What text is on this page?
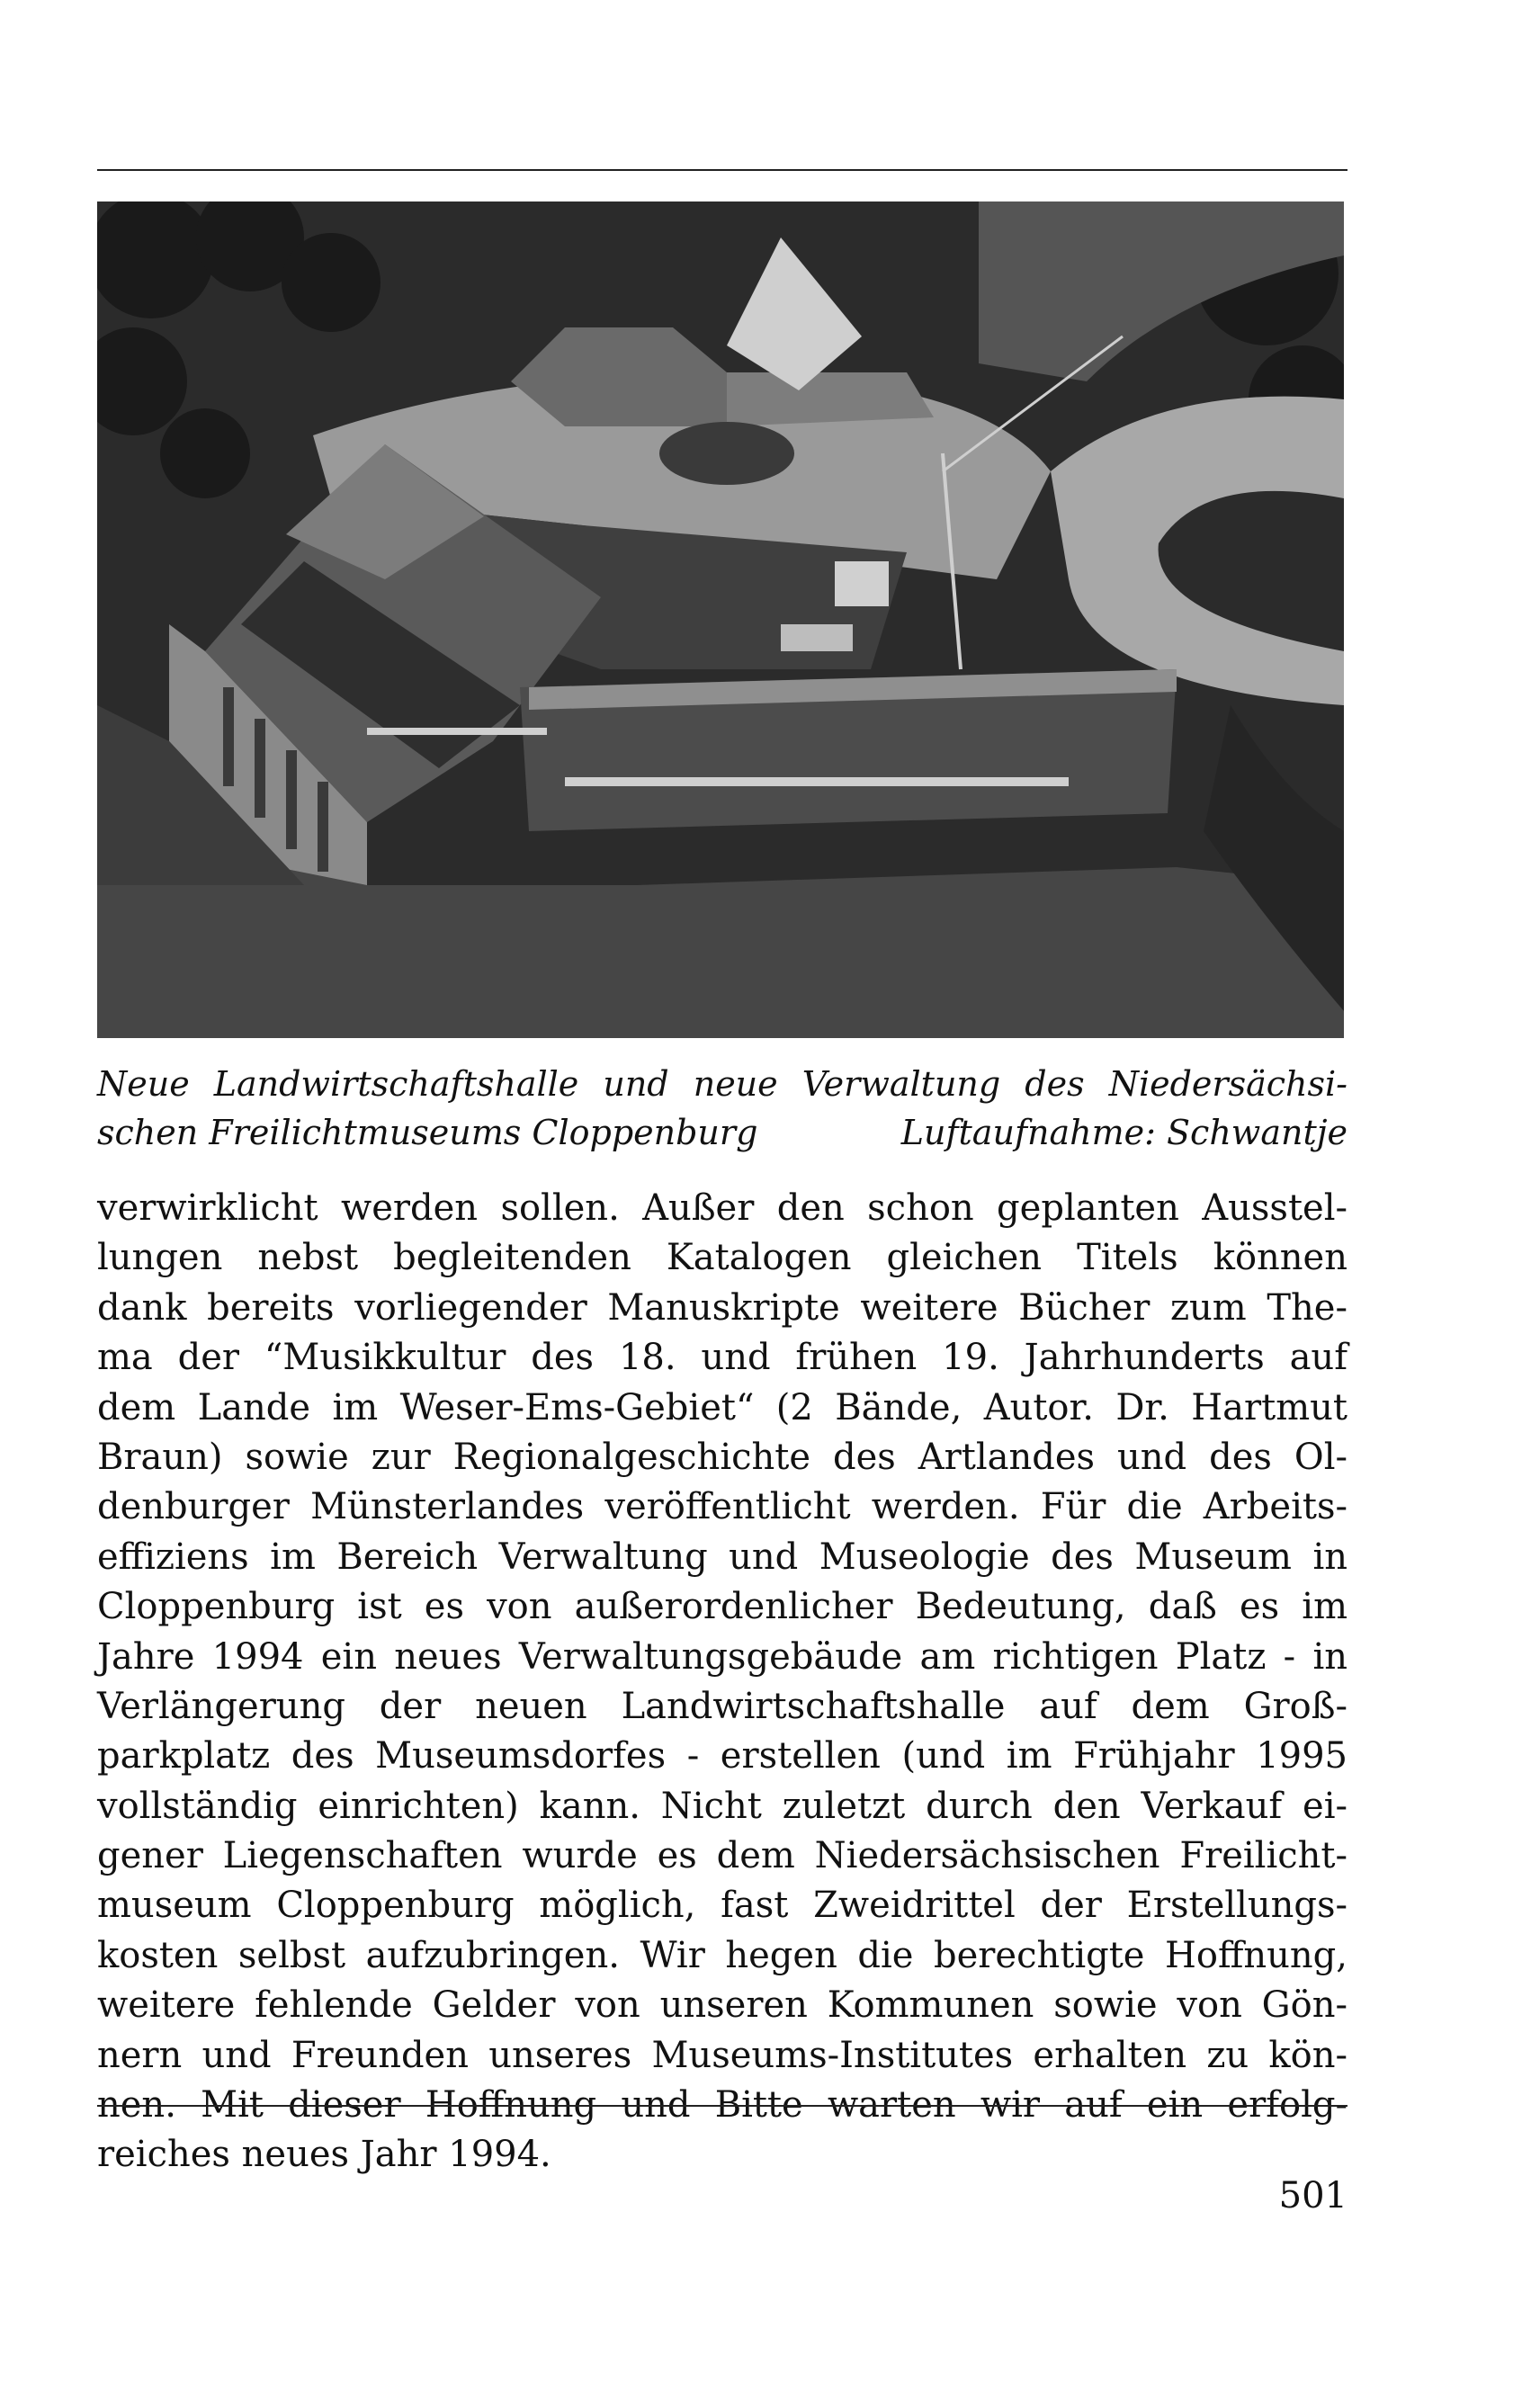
Neue Landwirtschaftshalle und neue Verwaltung des Niedersächsi-
schen Freilichtmuseums Cloppenburg	Luftaufnahme: Schwantje

verwirklicht werden sollen. Außer den schon geplanten Ausstel-
lungen nebst begleitenden Katalogen gleichen Titels können
dank bereits vorliegender Manuskripte weitere Bücher zum The-
ma der “Musikkultur des 18. und frühen 19. Jahrhunderts auf
dem Lande im Weser-Ems-Gebiet“ (2 Bände, Autor. Dr. Hartmut
Braun) sowie zur Regionalgeschichte des Artlandes und des Ol-
denburger Münsterlandes veröffentlicht werden. Für die Arbeits-
effiziens im Bereich Verwaltung und Museologie des Museum in
Cloppenburg ist es von außerordenlicher Bedeutung, daß es im
Jahre 1994 ein neues Verwaltungsgebäude am richtigen Platz - in
Verlängerung der neuen Landwirtschaftshalle auf dem Groß-
parkplatz des Museumsdorfes - erstellen (und im Frühjahr 1995
vollständig einrichten) kann. Nicht zuletzt durch den Verkauf ei-
gener Liegenschaften wurde es dem Niedersächsischen Freilicht-
museum Cloppenburg möglich, fast Zweidrittel der Erstellungs-
kosten selbst aufzubringen. Wir hegen die berechtigte Hoffnung,
weitere fehlende Gelder von unseren Kommunen sowie von Gön-
nern und Freunden unseres Museums-Institutes erhalten zu kön-
nen. Mit dieser Hoffnung und Bitte warten wir auf ein erfolg-
reiches neues Jahr 1994.

501
